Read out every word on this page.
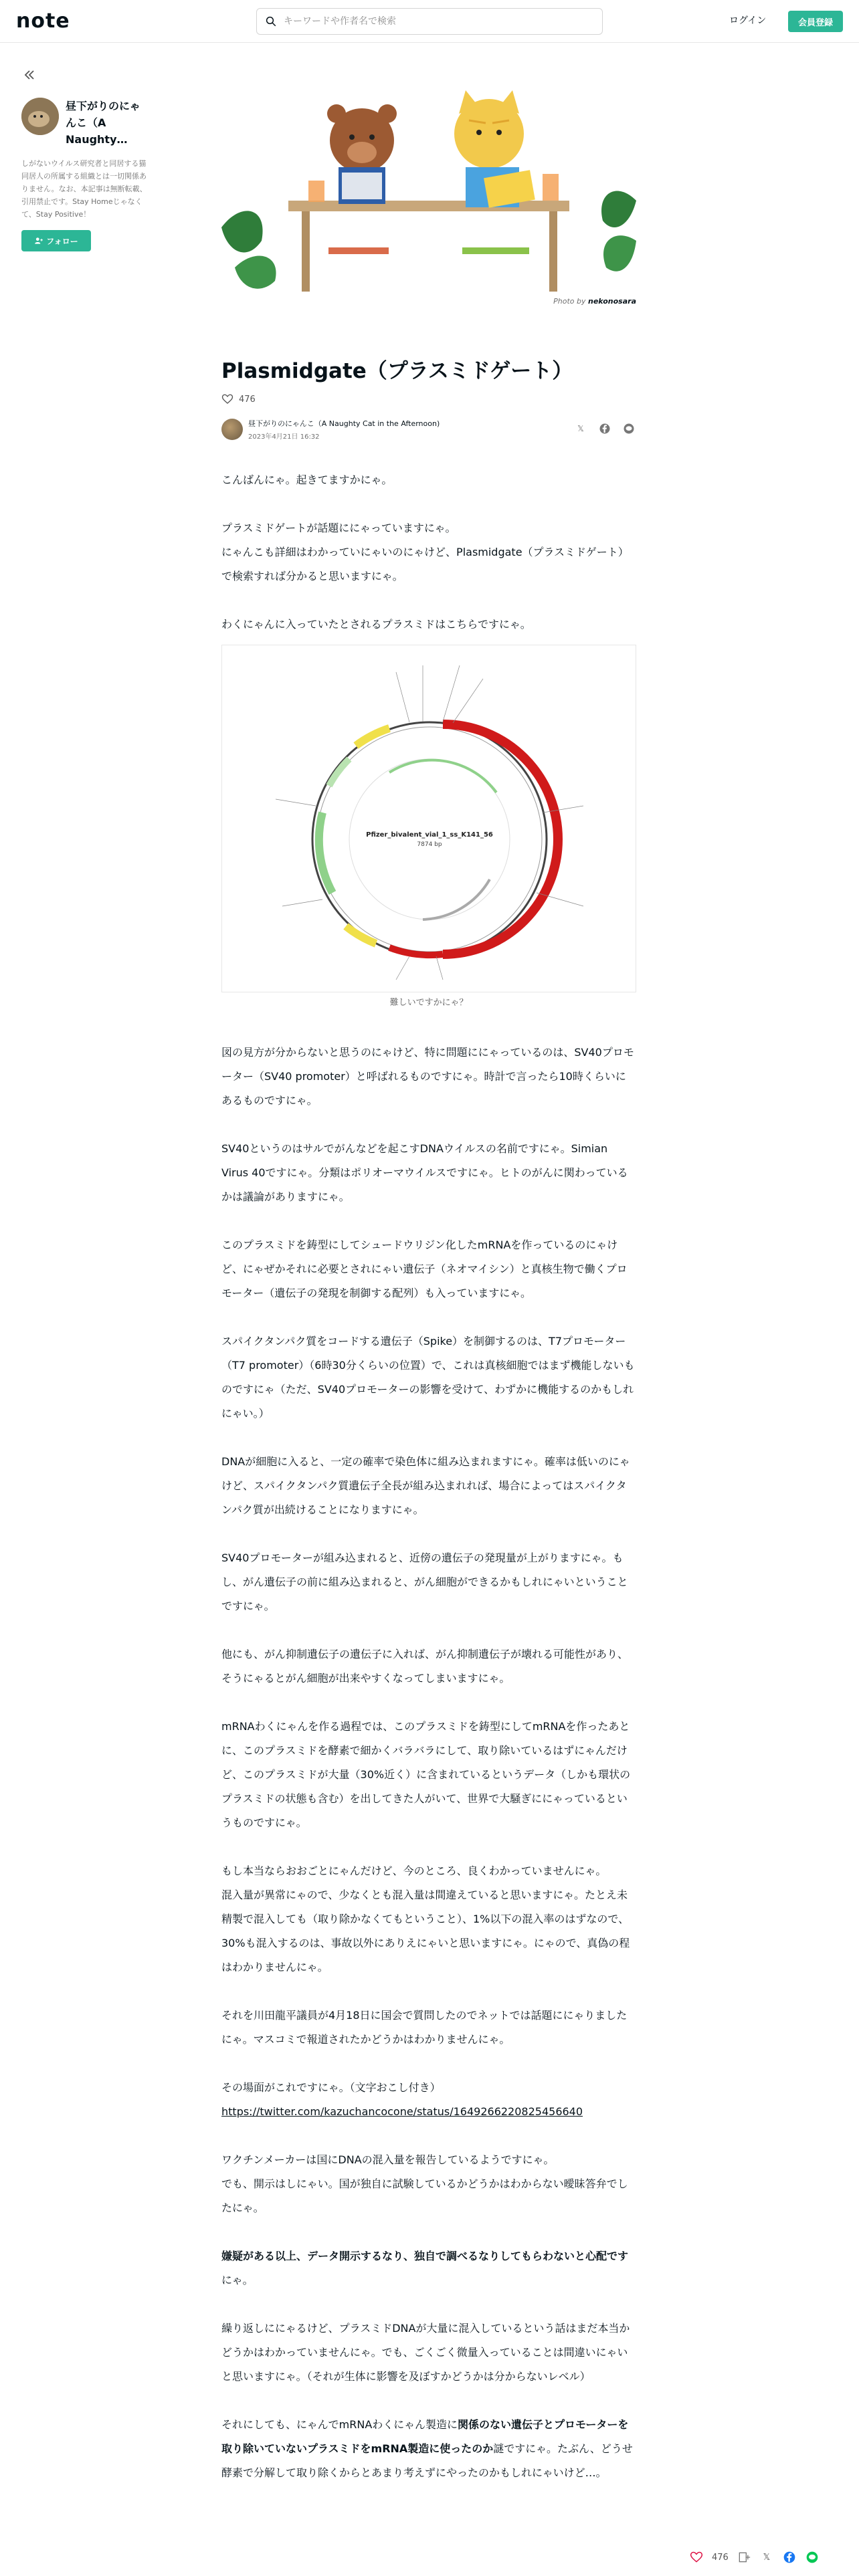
note
キーワードや作者名で検索	ログイン	会員登録
昼下がりのにゃんこ（A Naughty…
しがないウイルス研究者と同居する猫 同居人の所属する組織とは一切関係ありません。なお、本記事は無断転載、引用禁止です。Stay Homeじゃなくて、Stay Positive！
フォロー
Photo by nekonosara
Plasmidgate（プラスミドゲート）
476
昼下がりのにゃんこ（A Naughty Cat in the Afternoon)
2023年4月21日 16:32
𝕏

こんばんにゃ。起きてますかにゃ。

プラスミドゲートが話題ににゃっていますにゃ。
にゃんこも詳細はわかっていにゃいのにゃけど、Plasmidgate（プラスミドゲート）で検索すれば分かると思いますにゃ。

わくにゃんに入っていたとされるプラスミドはこちらですにゃ。

Pfizer_bivalent_vial_1_ss_K141_56
7874 bp
難しいですかにゃ？

図の見方が分からないと思うのにゃけど、特に問題ににゃっているのは、SV40プロモーター（SV40 promoter）と呼ばれるものですにゃ。時計で言ったら10時くらいにあるものですにゃ。

SV40というのはサルでがんなどを起こすDNAウイルスの名前ですにゃ。Simian Virus 40ですにゃ。分類はポリオーマウイルスですにゃ。ヒトのがんに関わっているかは議論がありますにゃ。

このプラスミドを鋳型にしてシュードウリジン化したmRNAを作っているのにゃけど、にゃぜかそれに必要とされにゃい遺伝子（ネオマイシン）と真核生物で働くプロモーター（遺伝子の発現を制御する配列）も入っていますにゃ。

スパイクタンパク質をコードする遺伝子（Spike）を制御するのは、T7プロモーター（T7 promoter）（6時30分くらいの位置）で、これは真核細胞ではまず機能しないものですにゃ（ただ、SV40プロモーターの影響を受けて、わずかに機能するのかもしれにゃい。）

DNAが細胞に入ると、一定の確率で染色体に組み込まれますにゃ。確率は低いのにゃけど、スパイクタンパク質遺伝子全長が組み込まれれば、場合によってはスパイクタンパク質が出続けることになりますにゃ。

SV40プロモーターが組み込まれると、近傍の遺伝子の発現量が上がりますにゃ。もし、がん遺伝子の前に組み込まれると、がん細胞ができるかもしれにゃいということですにゃ。

他にも、がん抑制遺伝子の遺伝子に入れば、がん抑制遺伝子が壊れる可能性があり、そうにゃるとがん細胞が出来やすくなってしまいますにゃ。

mRNAわくにゃんを作る過程では、このプラスミドを鋳型にしてmRNAを作ったあとに、このプラスミドを酵素で細かくバラバラにして、取り除いているはずにゃんだけど、このプラスミドが大量（30%近く）に含まれているというデータ（しかも環状のプラスミドの状態も含む）を出してきた人がいて、世界で大騒ぎににゃっているというものですにゃ。

もし本当ならおおごとにゃんだけど、今のところ、良くわかっていませんにゃ。
混入量が異常にゃので、少なくとも混入量は間違えていると思いますにゃ。たとえ未精製で混入しても（取り除かなくてもということ）、1%以下の混入率のはずなので、30%も混入するのは、事故以外にありえにゃいと思いますにゃ。にゃので、真偽の程はわかりませんにゃ。

それを川田龍平議員が4月18日に国会で質問したのでネットでは話題ににゃりましたにゃ。マスコミで報道されたかどうかはわかりませんにゃ。

その場面がこれですにゃ。（文字おこし付き）
https://twitter.com/kazuchancocone/status/1649266220825456640

ワクチンメーカーは国にDNAの混入量を報告しているようですにゃ。
でも、開示はしにゃい。国が独自に試験しているかどうかはわからない曖昧答弁でしたにゃ。

嫌疑がある以上、データ開示するなり、独自で調べるなりしてもらわないと心配ですにゃ。

繰り返しににゃるけど、プラスミドDNAが大量に混入しているという話はまだ本当かどうかはわかっていませんにゃ。でも、ごくごく微量入っていることは間違いにゃいと思いますにゃ。（それが生体に影響を及ぼすかどうかは分からないレベル）

それにしても、にゃんでmRNAわくにゃん製造に関係のない遺伝子とプロモーターを取り除いていないプラスミドをmRNA製造に使ったのか謎ですにゃ。たぶん、どうせ酵素で分解して取り除くからとあまり考えずにやったのかもしれにゃいけど…。

476	𝕏
